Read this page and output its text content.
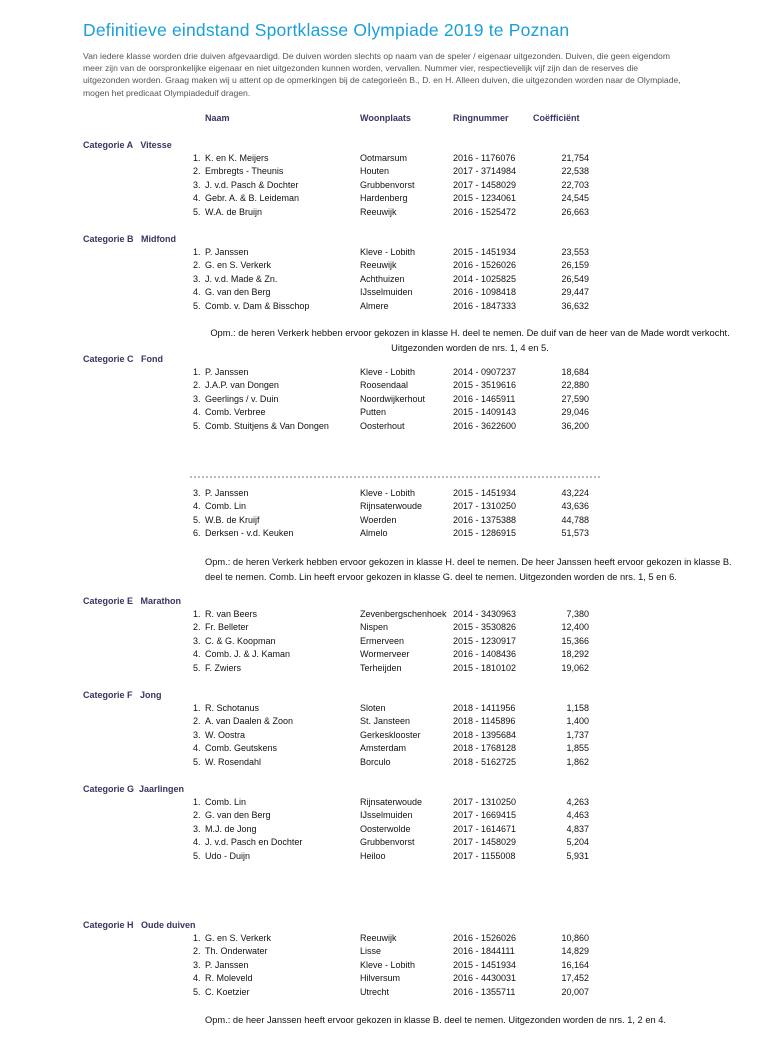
Definitieve eindstand Sportklasse Olympiade 2019 te Poznan
Van iedere klasse worden drie duiven afgevaardigd. De duiven worden slechts op naam van de speler / eigenaar uitgezonden. Duiven, die geen eigendom meer zijn van de oorspronkelijke eigenaar en niet uitgezonden kunnen worden, vervallen. Nummer vier, respectievelijk vijf zijn dan de reserves die uitgezonden worden. Graag maken wij u attent op de opmerkingen bij de categorieën B., D. en H. Alleen duiven, die uitgezonden worden naar de Olympiade, mogen het predicaat Olympiadeduif dragen.
Naam	Woonplaats	Ringnummer	Coëfficiënt
Categorie A   Vitesse
1. K. en K. Meijers	Ootmarsum	2016 - 1176076	21,754
2. Embregts - Theunis	Houten	2017 - 3714984	22,538
3. J. v.d. Pasch & Dochter	Grubbenvorst	2017 - 1458029	22,703
4. Gebr. A. & B. Leideman	Hardenberg	2015 - 1234061	24,545
5. W.A. de Bruijn	Reeuwijk	2016 - 1525472	26,663
Categorie B   Midfond
1. P. Janssen	Kleve - Lobith	2015 - 1451934	23,553
2. G. en S. Verkerk	Reeuwijk	2016 - 1526026	26,159
3. J. v.d. Made & Zn.	Achthuizen	2014 - 1025825	26,549
4. G. van den Berg	IJsselmuiden	2016 - 1098418	29,447
5. Comb. v. Dam & Bisschop	Almere	2016 - 1847333	36,632
Opm.: de heren Verkerk hebben ervoor gekozen in klasse H. deel te nemen. De duif van de heer van de Made wordt verkocht.
Uitgezonden worden de nrs. 1, 4 en 5.
Categorie C   Fond
1. P. Janssen	Kleve - Lobith	2014 - 0907237	18,684
2. J.A.P. van Dongen	Roosendaal	2015 - 3519616	22,880
3. Geerlings / v. Duin	Noordwijkerhout	2016 - 1465911	27,590
4. Comb. Verbree	Putten	2015 - 1409143	29,046
5. Comb. Stuitjens & Van Dongen	Oosterhout	2016 - 3622600	36,200
3. P. Janssen	Kleve - Lobith	2015 - 1451934	43,224
4. Comb. Lin	Rijnsaterwoude	2017 - 1310250	43,636
5. W.B. de Kruijf	Woerden	2016 - 1375388	44,788
6. Derksen - v.d. Keuken	Almelo	2015 - 1286915	51,573
Opm.: de heren Verkerk hebben ervoor gekozen in klasse H. deel te nemen. De heer Janssen heeft ervoor gekozen in klasse B.
deel te nemen. Comb. Lin heeft ervoor gekozen in klasse G. deel te nemen. Uitgezonden worden de nrs. 1, 5 en 6.
Categorie E   Marathon
1. R. van Beers	Zevenbergschenhoek 2014 - 3430963	7,380
2. Fr. Belleter	Nispen	2015 - 3530826	12,400
3. C. & G. Koopman	Ermerveen	2015 - 1230917	15,366
4. Comb. J. & J. Kaman	Wormerveer	2016 - 1408436	18,292
5. F. Zwiers	Terheijden	2015 - 1810102	19,062
Categorie F   Jong
1. R. Schotanus	Sloten	2018 - 1411956	1,158
2. A. van Daalen & Zoon	St. Jansteen	2018 - 1145896	1,400
3. W. Oostra	Gerkesklooster	2018 - 1395684	1,737
4. Comb. Geutskens	Amsterdam	2018 - 1768128	1,855
5. W. Rosendahl	Borculo	2018 - 5162725	1,862
Categorie G  Jaarlingen
1. Comb. Lin	Rijnsaterwoude	2017 - 1310250	4,263
2. G. van den Berg	IJsselmuiden	2017 - 1669415	4,463
3. M.J. de Jong	Oosterwolde	2017 - 1614671	4,837
4. J. v.d. Pasch en Dochter	Grubbenvorst	2017 - 1458029	5,204
5. Udo - Duijn	Heiloo	2017 - 1155008	5,931
Categorie H   Oude duiven
1. G. en S. Verkerk	Reeuwijk	2016 - 1526026	10,860
2. Th. Onderwater	Lisse	2016 - 1844111	14,829
3. P. Janssen	Kleve - Lobith	2015 - 1451934	16,164
4. R. Moleveld	Hilversum	2016 - 4430031	17,452
5. C. Koetzier	Utrecht	2016 - 1355711	20,007
Opm.: de heer Janssen heeft ervoor gekozen in klasse B. deel te nemen. Uitgezonden worden de nrs. 1, 2 en 4.
